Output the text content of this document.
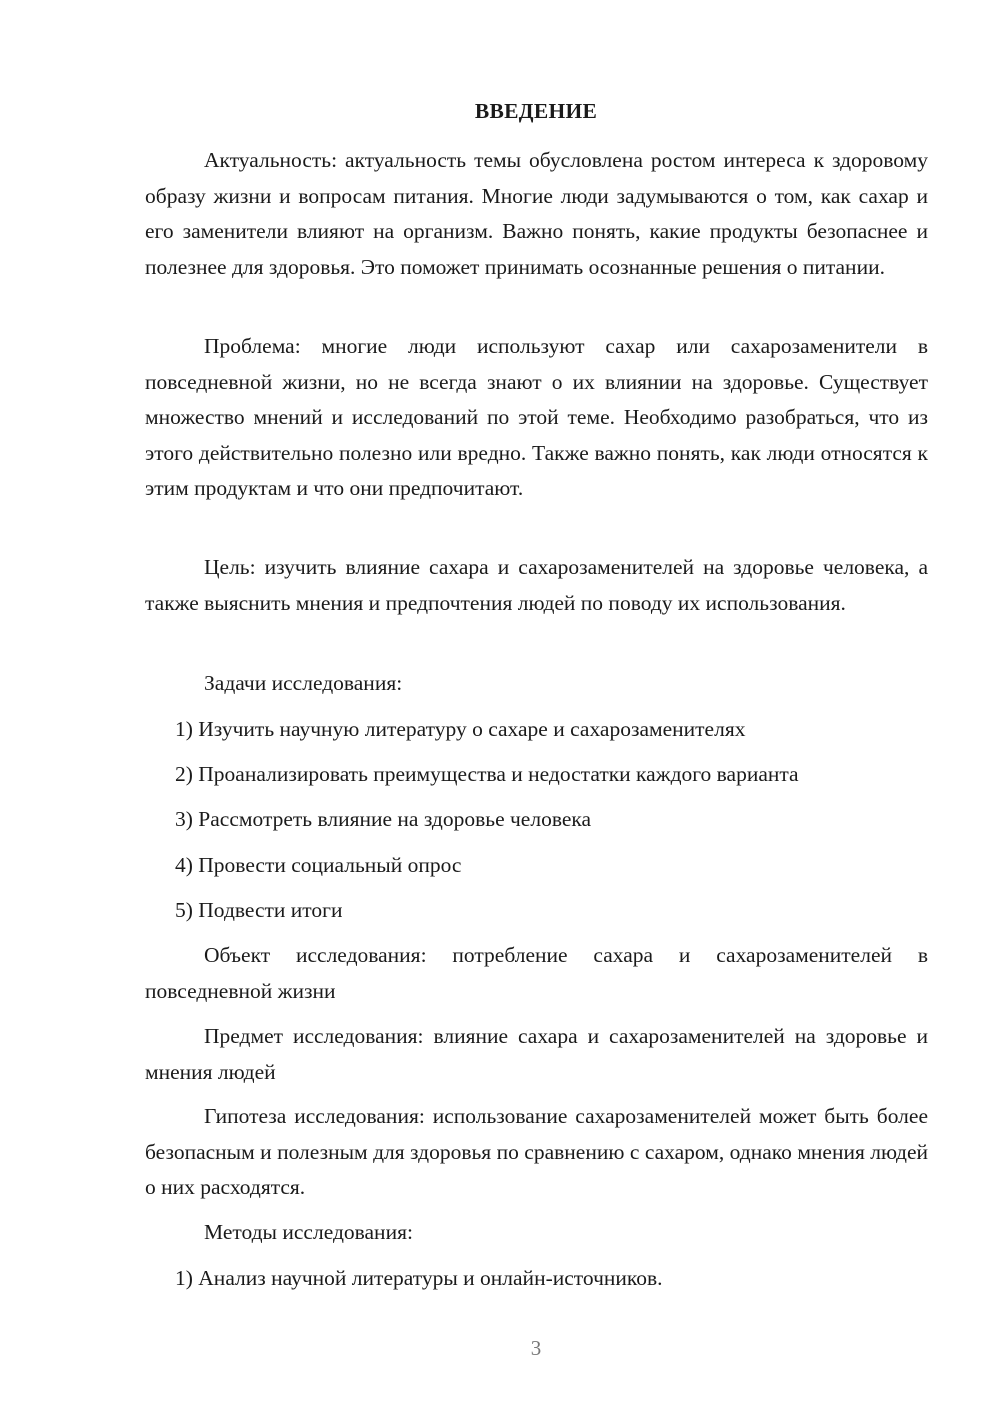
ВВЕДЕНИЕ

Актуальность: актуальность темы обусловлена ростом интереса к здоровому образу жизни и вопросам питания. Многие люди задумываются о том, как сахар и его заменители влияют на организм. Важно понять, какие продукты безопаснее и полезнее для здоровья. Это поможет принимать осознанные решения о питании.

Проблема: многие люди используют сахар или сахарозаменители в повседневной жизни, но не всегда знают о их влиянии на здоровье. Существует множество мнений и исследований по этой теме. Необходимо разобраться, что из этого действительно полезно или вредно. Также важно понять, как люди относятся к этим продуктам и что они предпочитают.

Цель: изучить влияние сахара и сахарозаменителей на здоровье человека, а также выяснить мнения и предпочтения людей по поводу их использования.

Задачи исследования:

1) Изучить научную литературу о сахаре и сахарозаменителях

2) Проанализировать преимущества и недостатки каждого варианта

3) Рассмотреть влияние на здоровье человека

4) Провести социальный опрос

5) Подвести итоги

Объект исследования: потребление сахара и сахарозаменителей в повседневной жизни

Предмет исследования: влияние сахара и сахарозаменителей на здоровье и мнения людей

Гипотеза исследования: использование сахарозаменителей может быть более безопасным и полезным для здоровья по сравнению с сахаром, однако мнения людей о них расходятся.

Методы исследования:

1) Анализ научной литературы и онлайн-источников.

3
